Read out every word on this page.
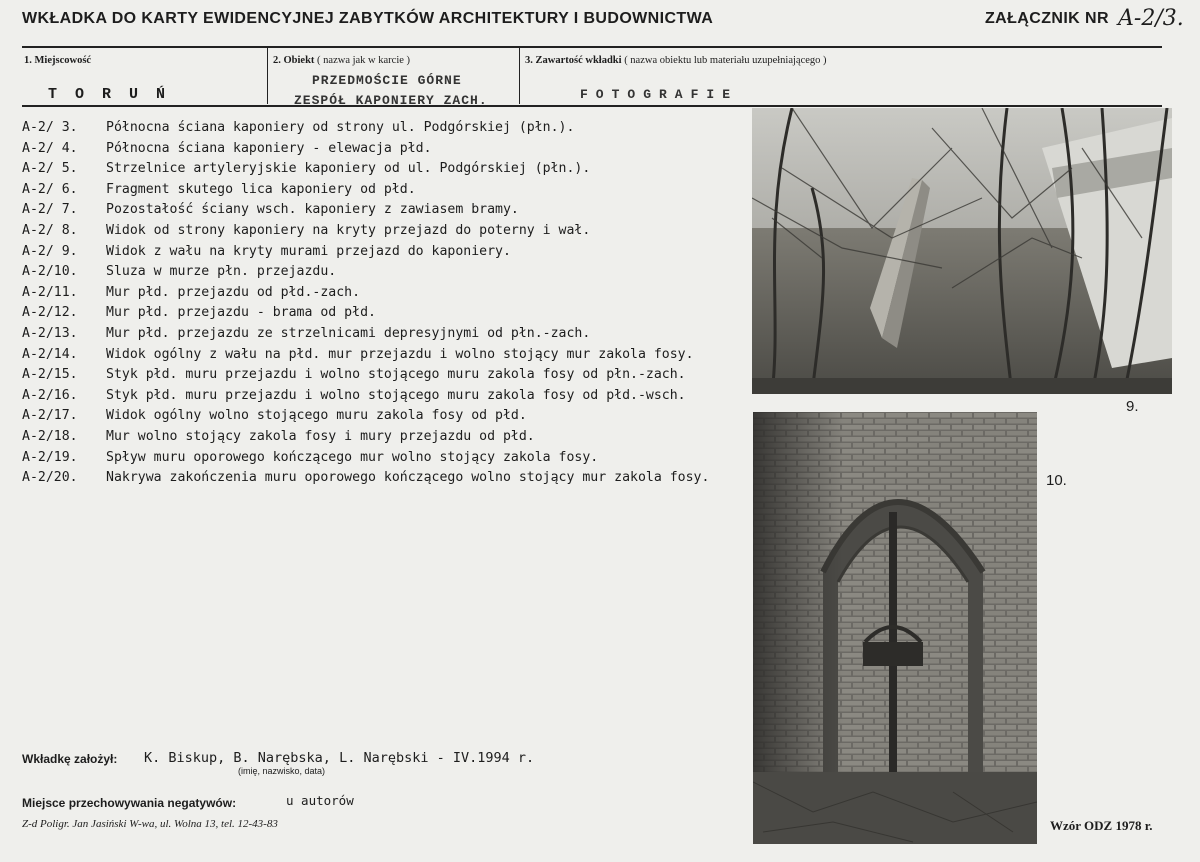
WKŁADKA DO KARTY EWIDENCYJNEJ ZABYTKÓW ARCHITEKTURY I BUDOWNICTWA	ZAŁĄCZNIK NR A-2/3.
1. Miejscowość
TORUŃ
2. Obiekt ( nazwa jak w karcie )
PRZEDMOŚCIE GÓRNE
ZESPÓŁ KAPONIERY ZACH.
3. Zawartość wkładki ( nazwa obiektu lub materiału uzupełniającego )
FOTOGRAFIE
A-2/ 3.	Północna ściana kaponiery od strony ul. Podgórskiej (płn.).
A-2/ 4.	Północna ściana kaponiery - elewacja płd.
A-2/ 5.	Strzelnice artyleryjskie kaponiery od ul. Podgórskiej (płn.).
A-2/ 6.	Fragment skutego lica kaponiery od płd.
A-2/ 7.	Pozostałość ściany wsch. kaponiery z zawiasem bramy.
A-2/ 8.	Widok od strony kaponiery na kryty przejazd do poterny i wał.
A-2/ 9.	Widok z wału na kryty murami przejazd do kaponiery.
A-2/10.	Sluza w murze płn. przejazdu.
A-2/11.	Mur płd. przejazdu od płd.-zach.
A-2/12.	Mur płd. przejazdu - brama od płd.
A-2/13.	Mur płd. przejazdu ze strzelnicami depresyjnymi od płn.-zach.
A-2/14.	Widok ogólny z wału na płd. mur przejazdu i wolno stojący mur zakola fosy.
A-2/15.	Styk płd. muru przejazdu i wolno stojącego muru zakola fosy od płn.-zach.
A-2/16.	Styk płd. muru przejazdu i wolno stojącego muru zakola fosy od płd.-wsch.
A-2/17.	Widok ogólny wolno stojącego muru zakola fosy od płd.
A-2/18.	Mur wolno stojący zakola fosy i mury przejazdu od płd.
A-2/19.	Spływ muru oporowego kończącego mur wolno stojący zakola fosy.
A-2/20.	Nakrywa zakończenia muru oporowego kończącego wolno stojący mur zakola fosy.
9.
10.
Wkładkę założył: K. Biskup, B. Narębska, L. Narębski - IV.1994 r.
(imię, nazwisko, data)
Miejsce przechowywania negatywów:	u autorów
Z-d Poligr. Jan Jasiński W-wa, ul. Wolna 13, tel. 12-43-83	Wzór ODZ 1978 r.
